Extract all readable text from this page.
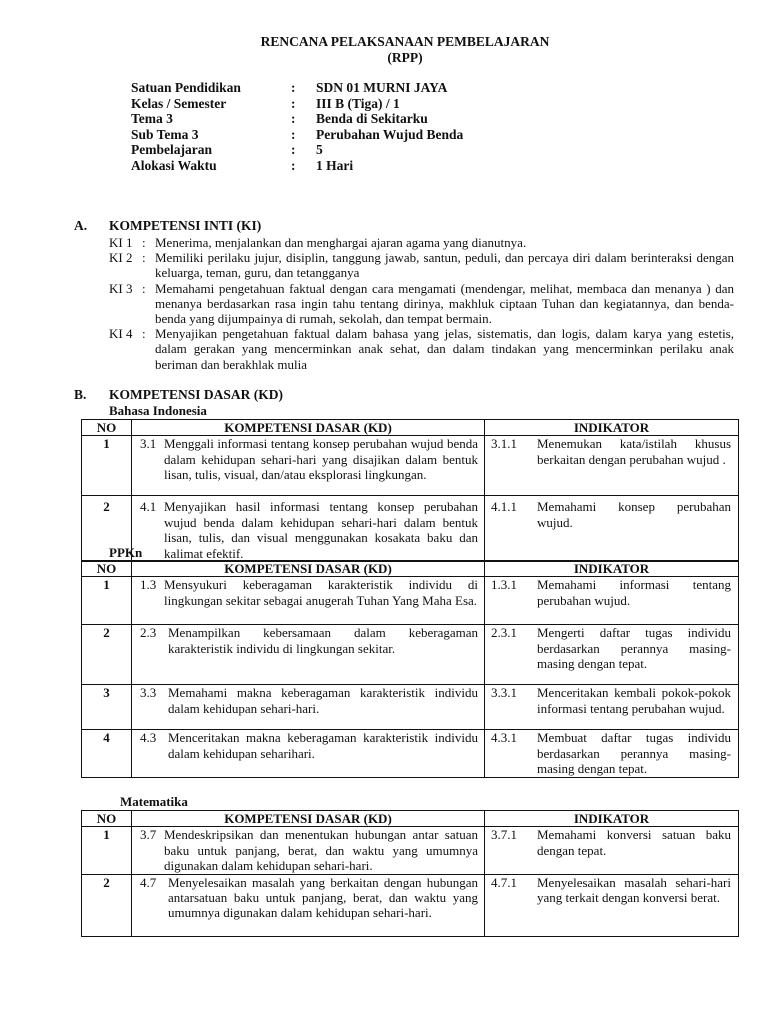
RENCANA PELAKSANAAN PEMBELAJARAN
(RPP)
Satuan Pendidikan	:	SDN 01 MURNI JAYA
Kelas / Semester	:	III B (Tiga) / 1
Tema 3	:	Benda di Sekitarku
Sub Tema 3	:	Perubahan Wujud Benda
Pembelajaran	:	5
Alokasi Waktu	:	1 Hari
A. KOMPETENSI INTI (KI)
KI 1 : Menerima, menjalankan dan menghargai ajaran agama yang dianutnya.
KI 2 : Memiliki perilaku jujur, disiplin, tanggung jawab, santun, peduli, dan percaya diri dalam berinteraksi dengan keluarga, teman, guru, dan tetangganya
KI 3 : Memahami pengetahuan faktual dengan cara mengamati (mendengar, melihat, membaca dan menanya ) dan menanya berdasarkan rasa ingin tahu tentang dirinya, makhluk ciptaan Tuhan dan kegiatannya, dan benda-benda yang dijumpainya di rumah, sekolah, dan tempat bermain.
KI 4 : Menyajikan pengetahuan faktual dalam bahasa yang jelas, sistematis, dan logis, dalam karya yang estetis, dalam gerakan yang mencerminkan anak sehat, dan dalam tindakan yang mencerminkan perilaku anak beriman dan berakhlak mulia
B. KOMPETENSI DASAR (KD)
Bahasa Indonesia
NO	KOMPETENSI DASAR (KD)	INDIKATOR
1	3.1 Menggali informasi tentang konsep perubahan wujud benda dalam kehidupan sehari-hari yang disajikan dalam bentuk lisan, tulis, visual, dan/atau eksplorasi lingkungan.	3.1.1 Menemukan kata/istilah khusus berkaitan dengan perubahan wujud .

2	4.1 Menyajikan hasil informasi tentang konsep perubahan wujud benda dalam kehidupan sehari-hari dalam bentuk lisan, tulis, dan visual menggunakan kosakata baku dan kalimat efektif.	4.1.1 Memahami konsep perubahan wujud.
PPKn
NO	KOMPETENSI DASAR (KD)	INDIKATOR
1	1.3 Mensyukuri keberagaman karakteristik individu di lingkungan sekitar sebagai anugerah Tuhan Yang Maha Esa.	1.3.1 Memahami informasi tentang perubahan wujud.

2	2.3 Menampilkan kebersamaan dalam keberagaman karakteristik individu di lingkungan sekitar.	2.3.1 Mengerti daftar tugas individu berdasarkan perannya masing-masing dengan tepat.

3	3.3 Memahami makna keberagaman karakteristik individu dalam kehidupan sehari-hari.	3.3.1 Menceritakan kembali pokok-pokok informasi tentang perubahan wujud.

4	4.3 Menceritakan makna keberagaman karakteristik individu dalam kehidupan seharihari.	4.3.1 Membuat daftar tugas individu berdasarkan perannya masing-masing dengan tepat.
Matematika
NO	KOMPETENSI DASAR (KD)	INDIKATOR
1	3.7 Mendeskripsikan dan menentukan hubungan antar satuan baku untuk panjang, berat, dan waktu yang umumnya digunakan dalam kehidupan sehari-hari.	3.7.1 Memahami konversi satuan baku dengan tepat.

2	4.7 Menyelesaikan masalah yang berkaitan dengan hubungan antarsatuan baku untuk panjang, berat, dan waktu yang umumnya digunakan dalam kehidupan sehari-hari.	4.7.1 Menyelesaikan masalah sehari-hari yang terkait dengan konversi berat.
